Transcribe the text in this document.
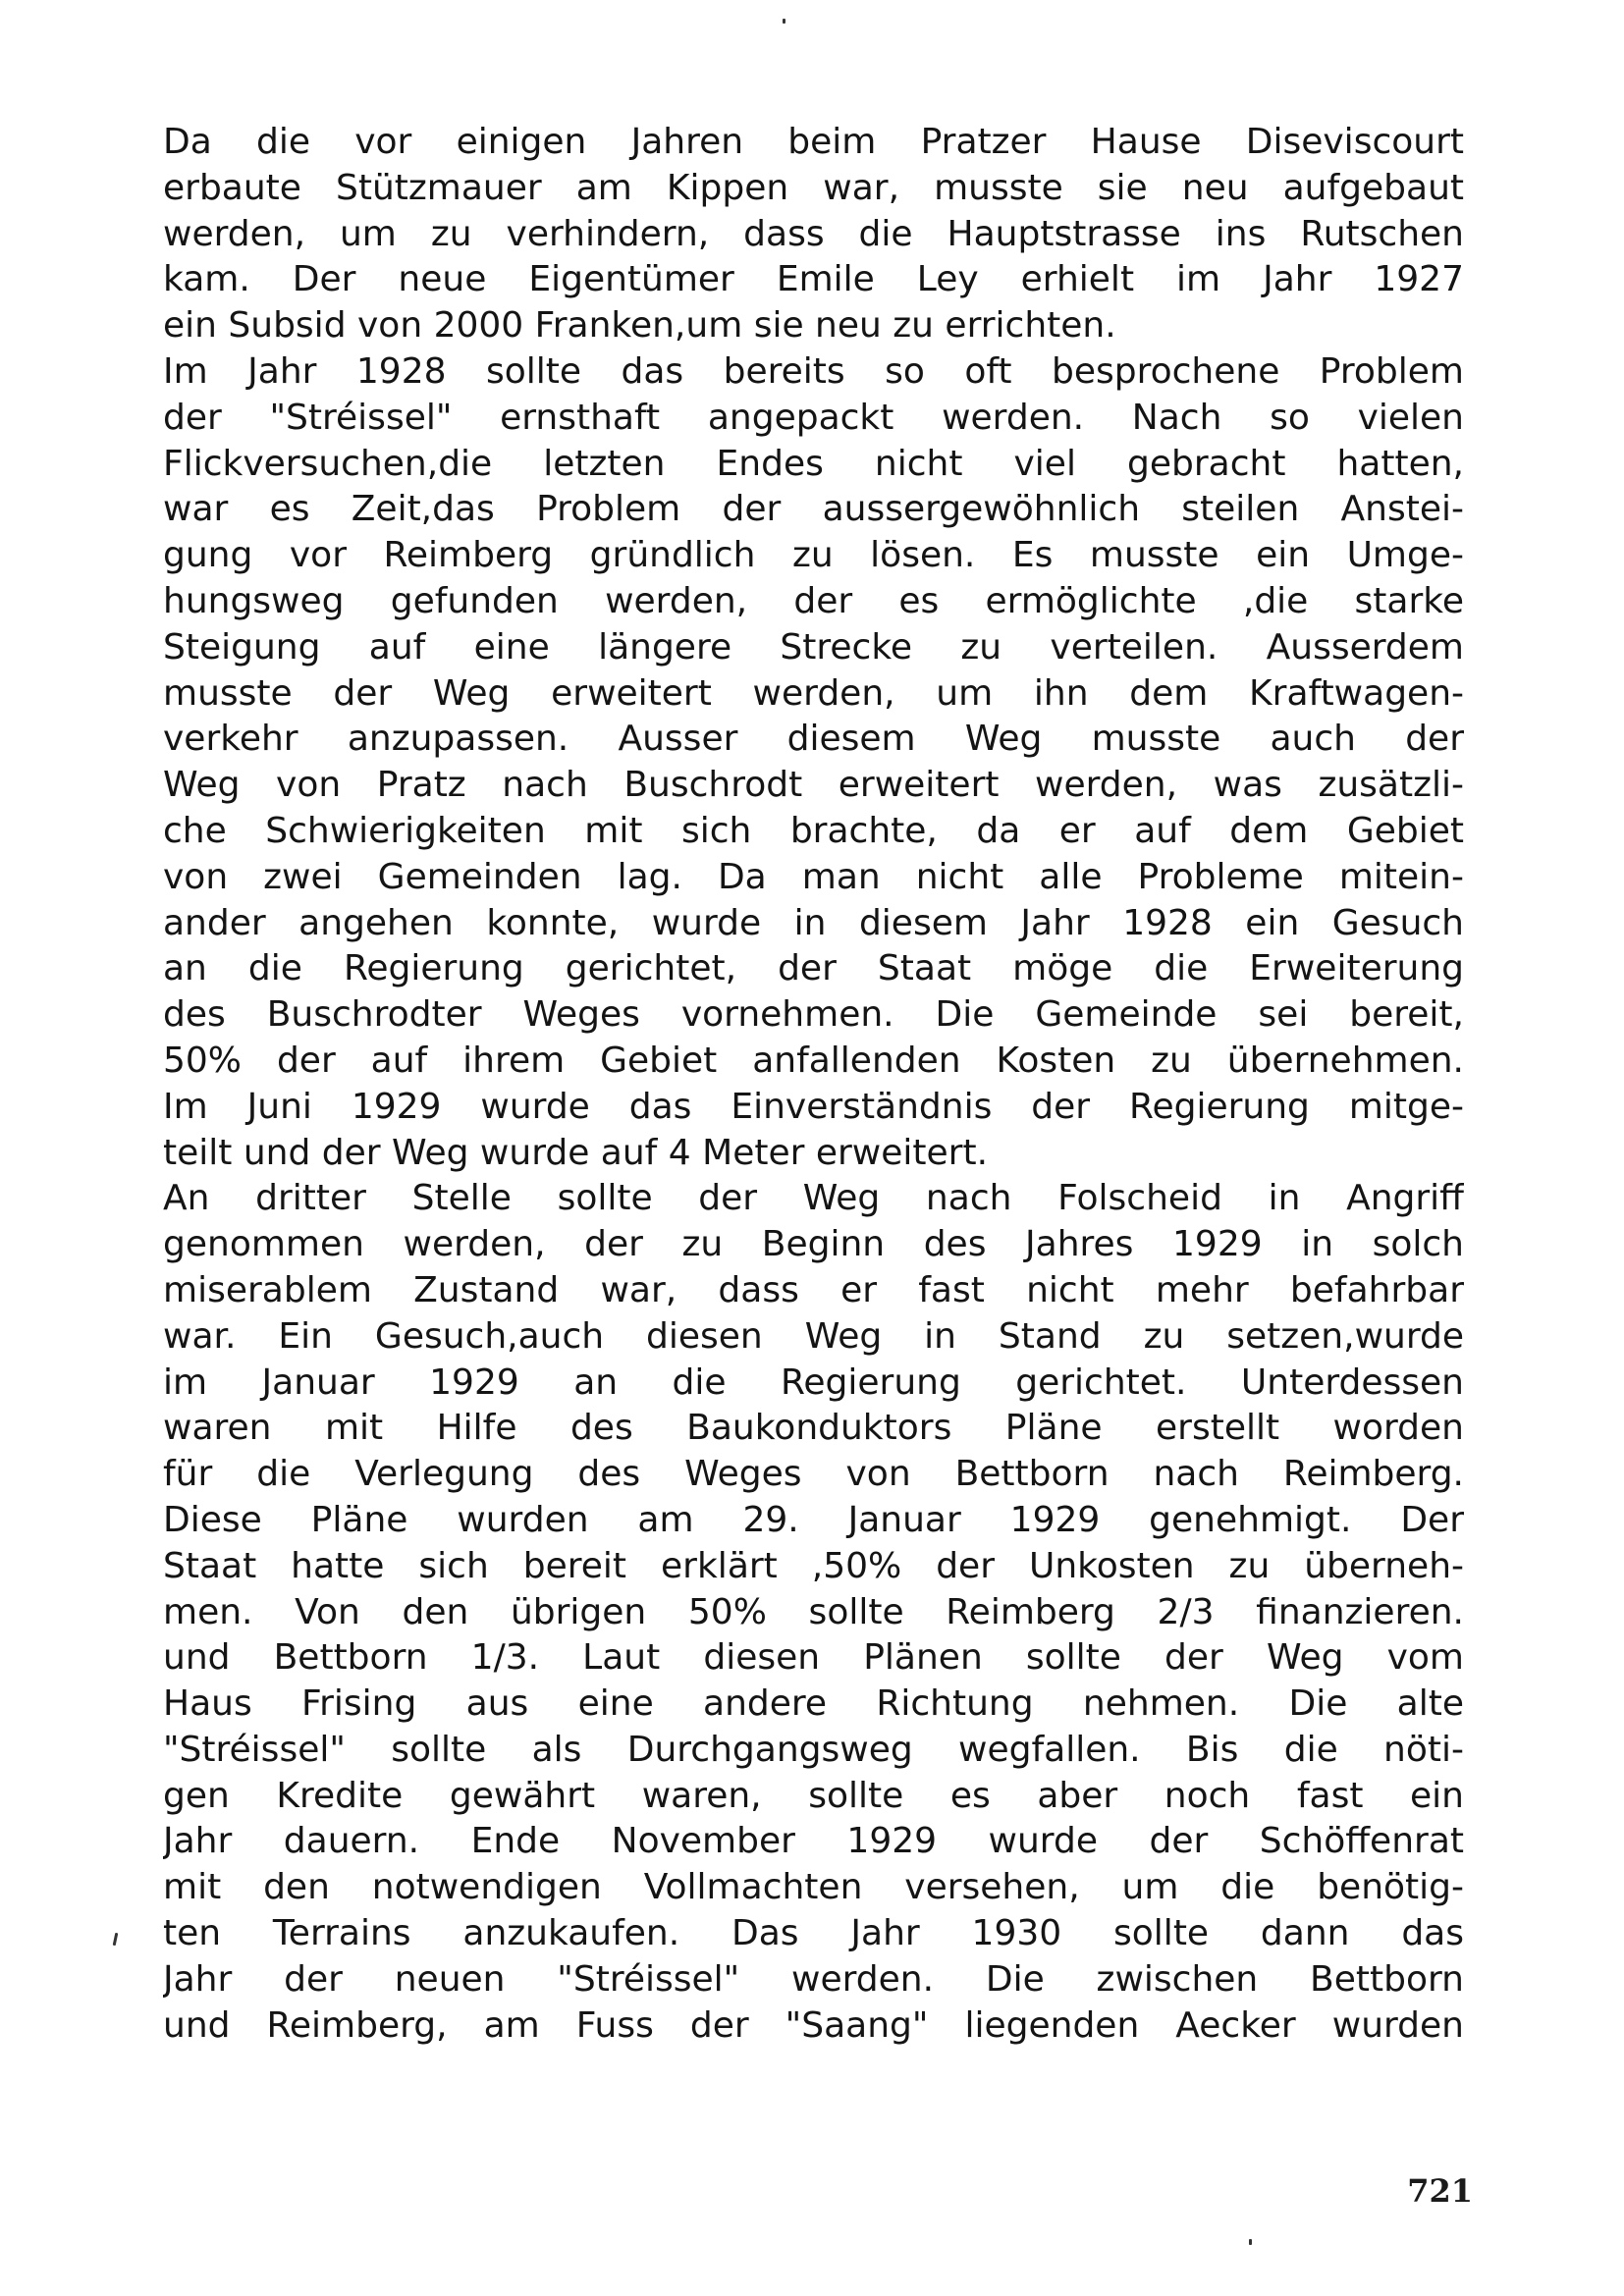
Da die vor einigen Jahren beim Pratzer Hause Diseviscourt
erbaute Stützmauer am Kippen war, musste sie neu aufgebaut
werden, um zu verhindern, dass die Hauptstrasse ins Rutschen
kam. Der neue Eigentümer Emile Ley erhielt im Jahr 1927
ein Subsid von 2000 Franken,um sie neu zu errichten.
Im Jahr 1928 sollte das bereits so oft besprochene Problem
der "Stréissel" ernsthaft angepackt werden. Nach so vielen
Flickversuchen,die letzten Endes nicht viel gebracht hatten,
war es Zeit,das Problem der aussergewöhnlich steilen Anstei-
gung vor Reimberg gründlich zu lösen. Es musste ein Umge-
hungsweg gefunden werden, der es ermöglichte ,die starke
Steigung auf eine längere Strecke zu verteilen. Ausserdem
musste der Weg erweitert werden, um ihn dem Kraftwagen-
verkehr anzupassen. Ausser diesem Weg musste auch der
Weg von Pratz nach Buschrodt erweitert werden, was zusätzli-
che Schwierigkeiten mit sich brachte, da er auf dem Gebiet
von zwei Gemeinden lag. Da man nicht alle Probleme mitein-
ander angehen konnte, wurde in diesem Jahr 1928 ein Gesuch
an die Regierung gerichtet, der Staat möge die Erweiterung
des Buschrodter Weges vornehmen. Die Gemeinde sei bereit,
50% der auf ihrem Gebiet anfallenden Kosten zu übernehmen.
Im Juni 1929 wurde das Einverständnis der Regierung mitge-
teilt und der Weg wurde auf 4 Meter erweitert.
An dritter Stelle sollte der Weg nach Folscheid in Angriff
genommen werden, der zu Beginn des Jahres 1929 in solch
miserablem Zustand war, dass er fast nicht mehr befahrbar
war. Ein Gesuch,auch diesen Weg in Stand zu setzen,wurde
im Januar 1929 an die Regierung gerichtet. Unterdessen
waren mit Hilfe des Baukonduktors Pläne erstellt worden
für die Verlegung des Weges von Bettborn nach Reimberg.
Diese Pläne wurden am 29. Januar 1929 genehmigt. Der
Staat hatte sich bereit erklärt ,50% der Unkosten zu überneh-
men. Von den übrigen 50% sollte Reimberg 2/3 finanzieren.
und Bettborn 1/3. Laut diesen Plänen sollte der Weg vom
Haus Frising aus eine andere Richtung nehmen. Die alte
"Stréissel" sollte als Durchgangsweg wegfallen. Bis die nöti-
gen Kredite gewährt waren, sollte es aber noch fast ein
Jahr dauern. Ende November 1929 wurde der Schöffenrat
mit den notwendigen Vollmachten versehen, um die benötig-
ten Terrains anzukaufen. Das Jahr 1930 sollte dann das
Jahr der neuen "Stréissel" werden. Die zwischen Bettborn
und Reimberg, am Fuss der "Saang" liegenden Aecker wurden
721
